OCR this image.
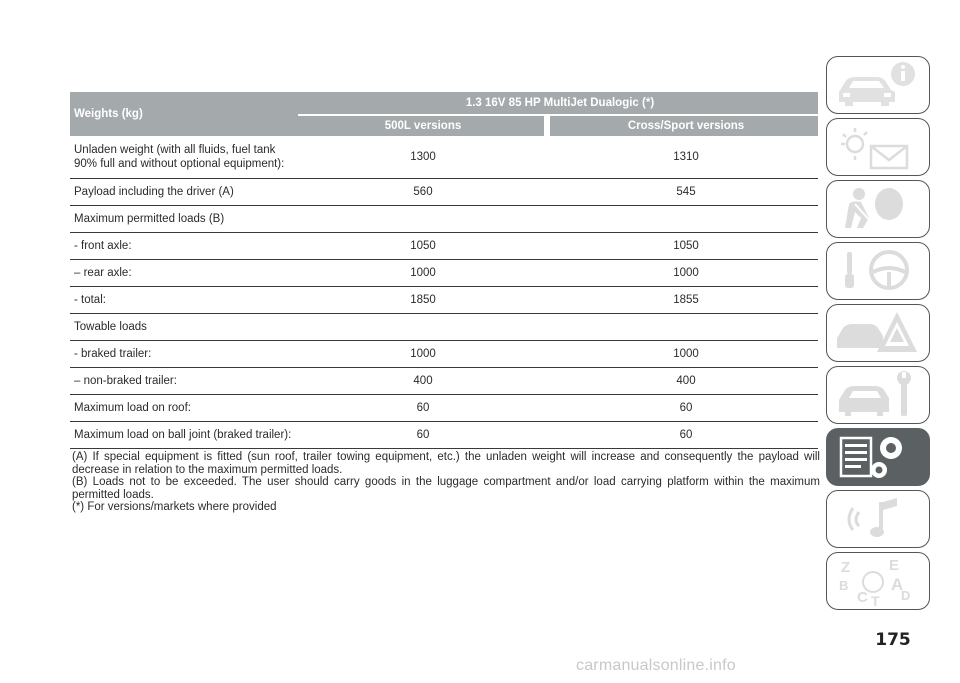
Weights (kg)	1.3 16V 85 HP MultiJet Dualogic (*)		
	500L versions		Cross/Sport versions
Unladen weight (with all fluids, fuel tank 90% full and without optional equipment):	1300		1310
Payload including the driver (A)	560		545
Maximum permitted loads (B)			
- front axle:	1050		1050
– rear axle:	1000		1000
- total:	1850		1855
Towable loads			
- braked trailer:	1000		1000
– non-braked trailer:	400		400
Maximum load on roof:	60		60
Maximum load on ball joint (braked trailer):	60		60

(A) If special equipment is fitted (sun roof, trailer towing equipment, etc.) the unladen weight will increase and consequently the payload will decrease in relation to the maximum permitted loads.

(B) Loads not to be exceeded. The user should carry goods in the luggage compartment and/or load carrying platform within the maximum permitted loads.

(*) For versions/markets where provided

Z	E
B	A
C	D
T
175
carmanualsonline.info
